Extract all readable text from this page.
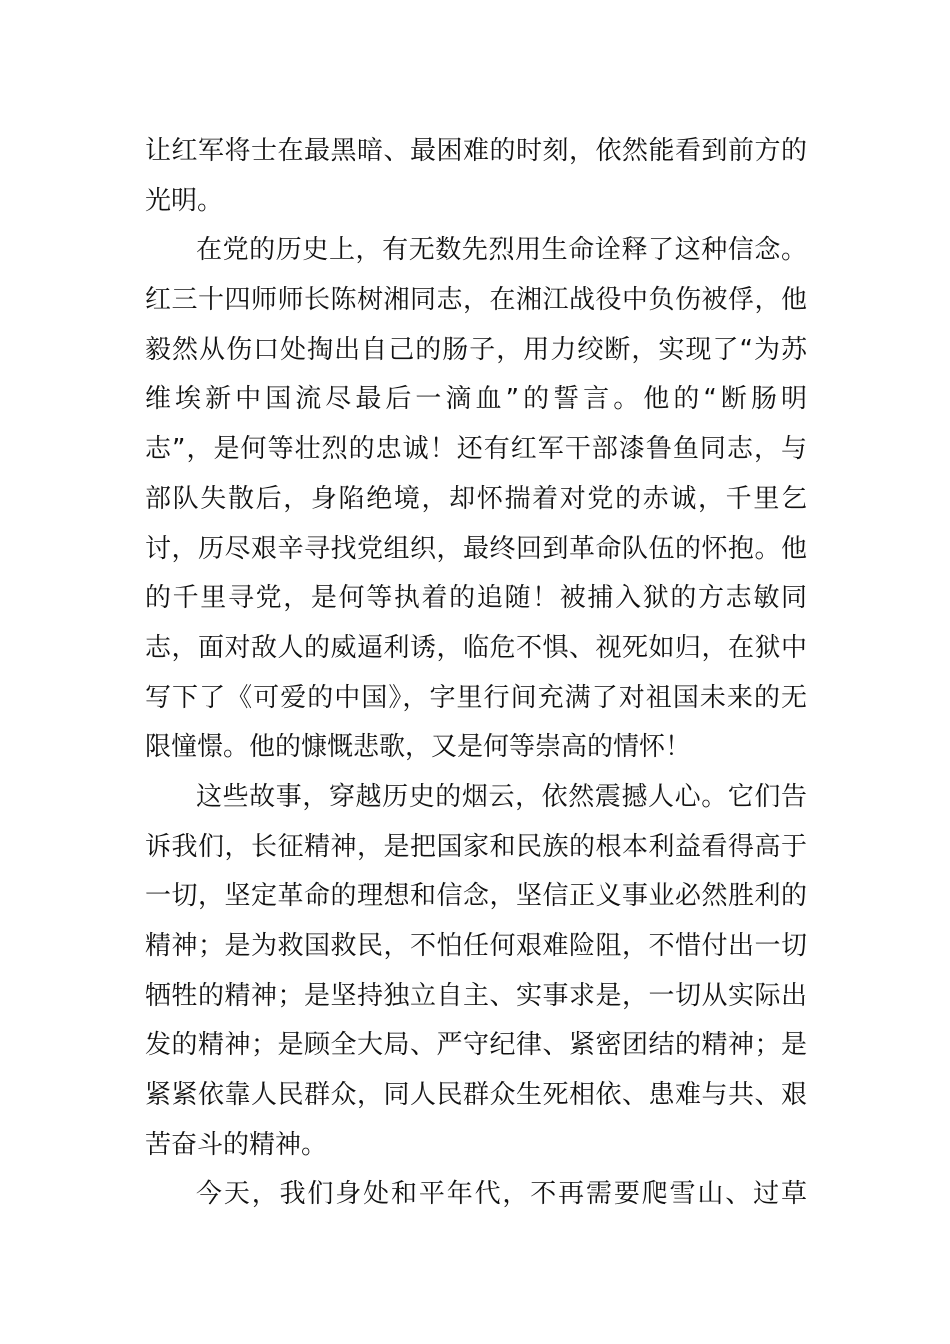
让红军将士在最黑暗、最困难的时刻，依然能看到前方的
光明。
在党的历史上，有无数先烈用生命诠释了这种信念。
红三十四师师长陈树湘同志，在湘江战役中负伤被俘，他
毅然从伤口处掏出自己的肠子，用力绞断，实现了“为苏
维埃新中国流尽最后一滴血”的誓言。他的“断肠明
志”，是何等壮烈的忠诚！还有红军干部漆鲁鱼同志，与
部队失散后，身陷绝境，却怀揣着对党的赤诚，千里乞
讨，历尽艰辛寻找党组织，最终回到革命队伍的怀抱。他
的千里寻党，是何等执着的追随！被捕入狱的方志敏同
志，面对敌人的威逼利诱，临危不惧、视死如归，在狱中
写下了《可爱的中国》，字里行间充满了对祖国未来的无
限憧憬。他的慷慨悲歌，又是何等崇高的情怀！
这些故事，穿越历史的烟云，依然震撼人心。它们告
诉我们，长征精神，是把国家和民族的根本利益看得高于
一切，坚定革命的理想和信念，坚信正义事业必然胜利的
精神；是为救国救民，不怕任何艰难险阻，不惜付出一切
牺牲的精神；是坚持独立自主、实事求是，一切从实际出
发的精神；是顾全大局、严守纪律、紧密团结的精神；是
紧紧依靠人民群众，同人民群众生死相依、患难与共、艰
苦奋斗的精神。
今天，我们身处和平年代，不再需要爬雪山、过草
